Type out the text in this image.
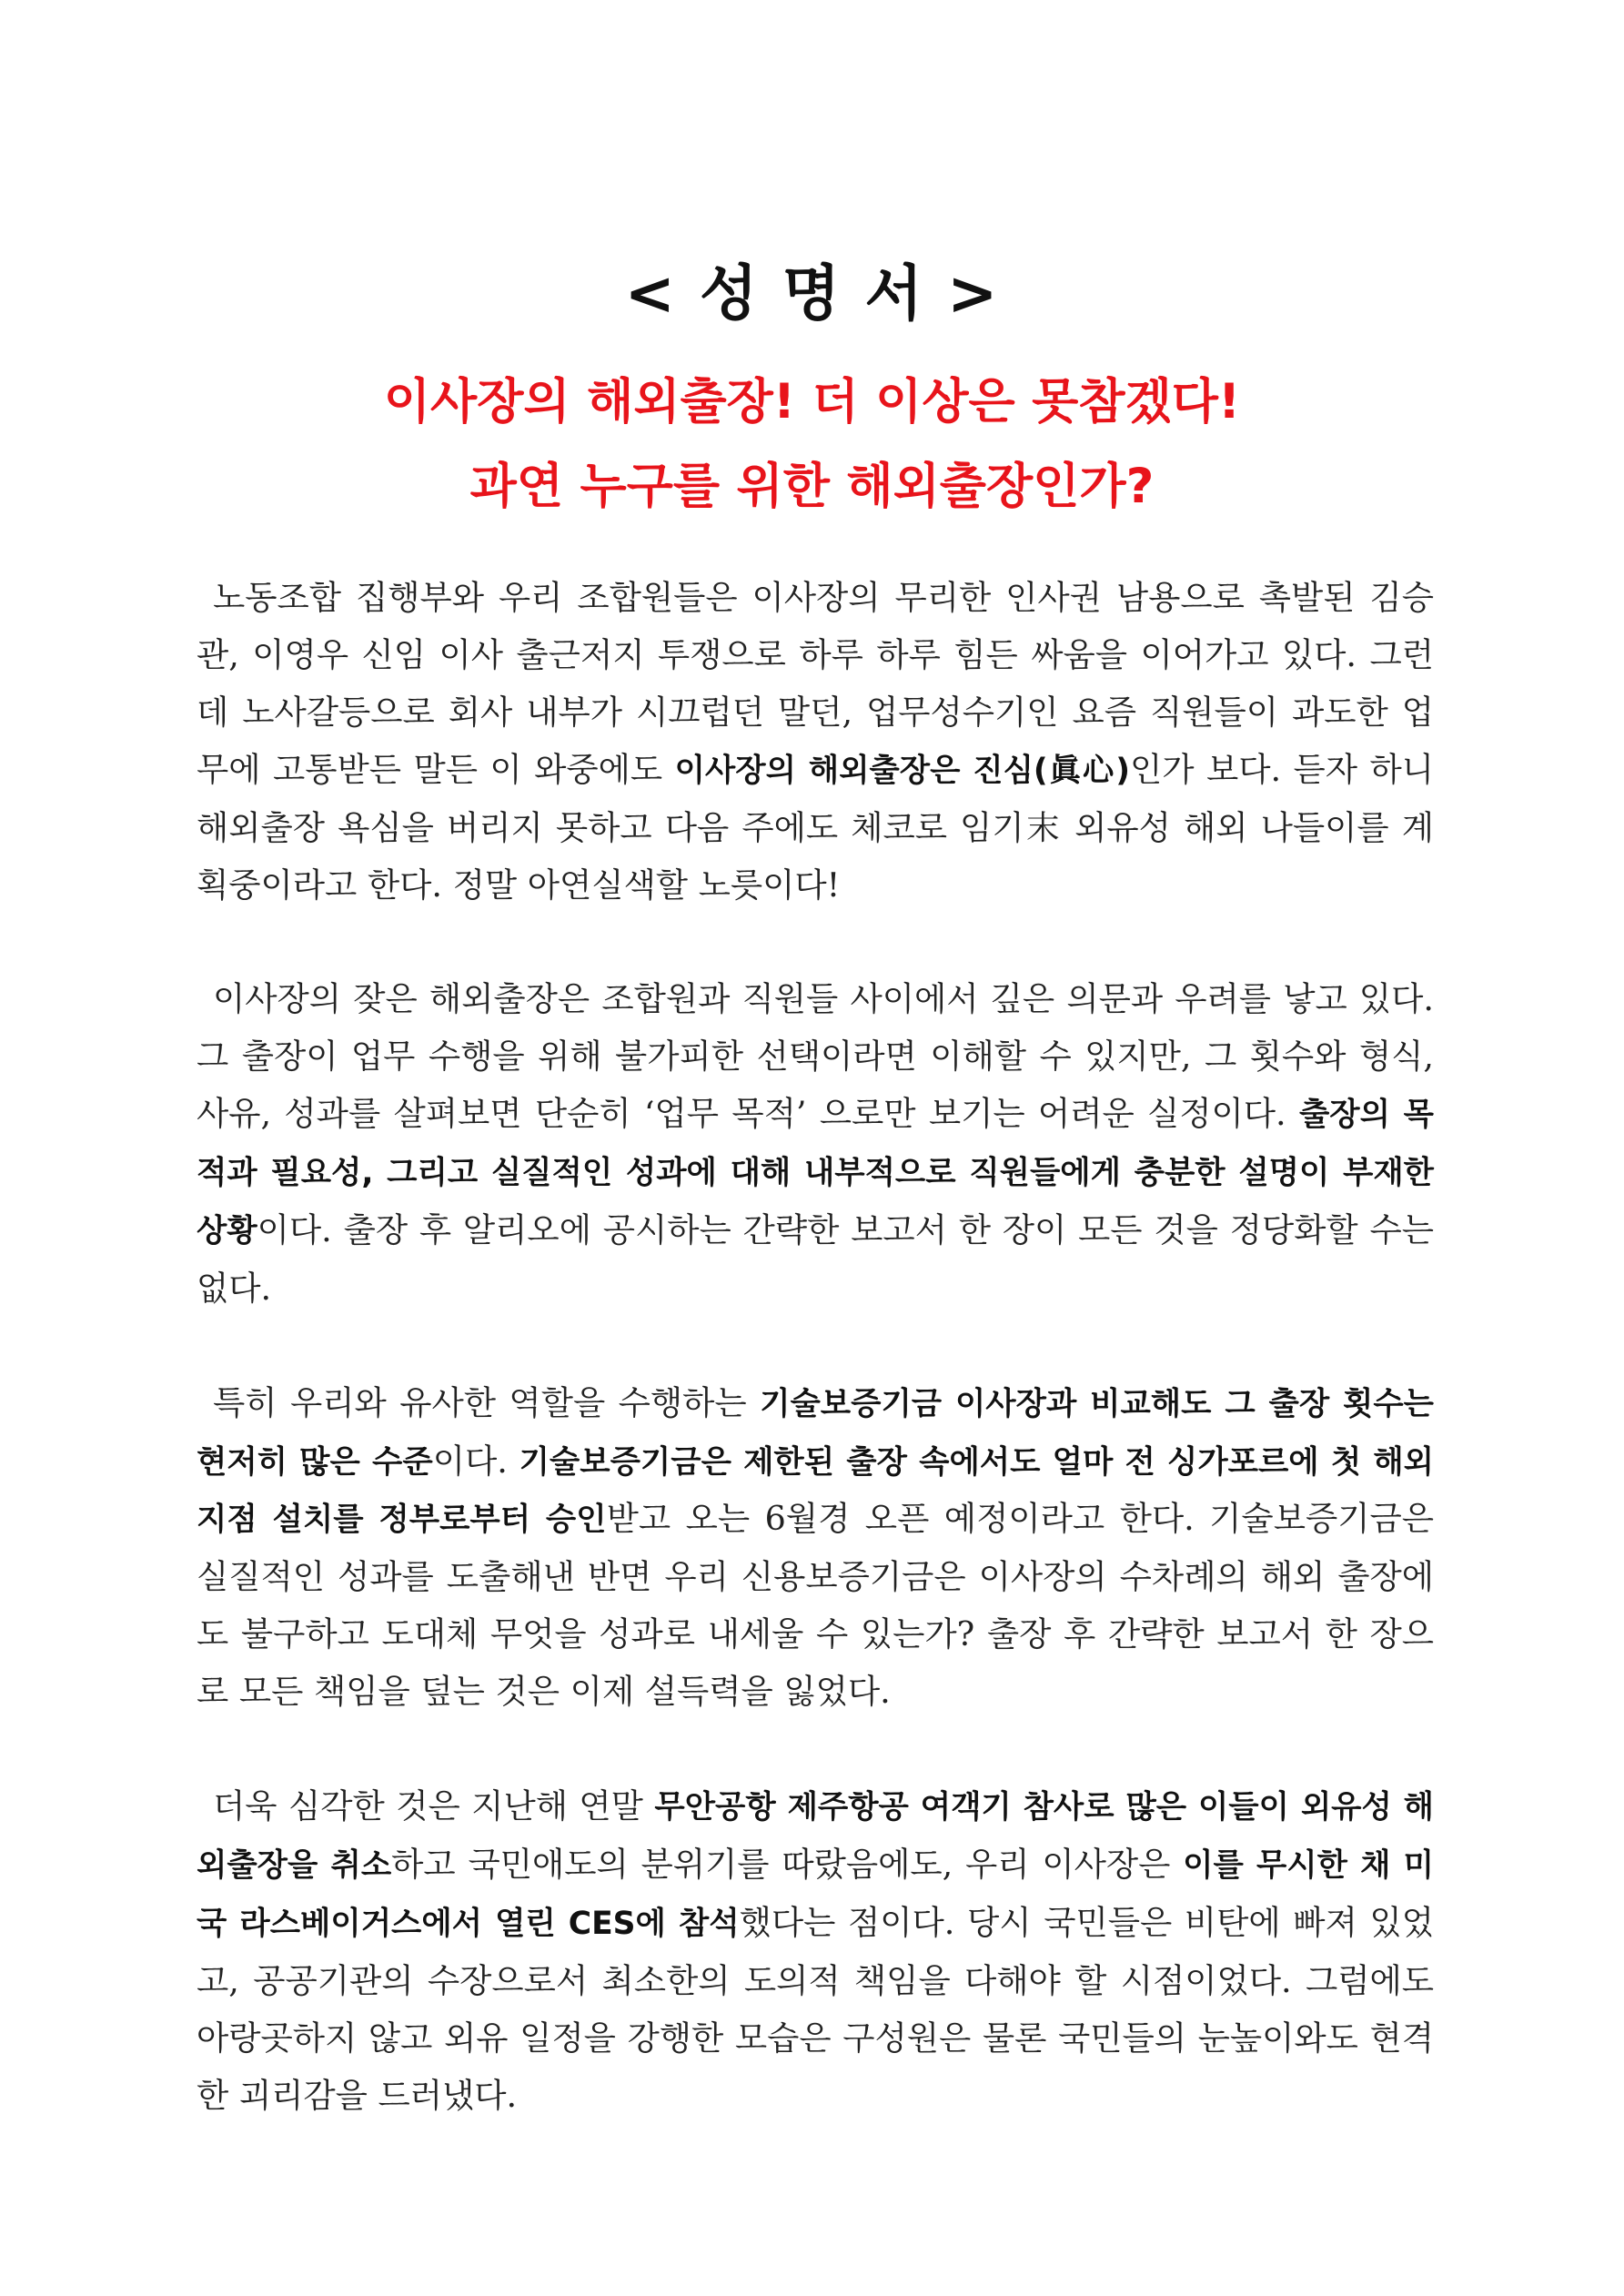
< 성 명 서 >
이사장의 해외출장! 더 이상은 못참겠다!
과연 누구를 위한 해외출장인가?

노동조합 집행부와 우리 조합원들은 이사장의 무리한 인사권 남용으로 촉발된 김승관, 이영우 신임 이사 출근저지 투쟁으로 하루 하루 힘든 싸움을 이어가고 있다. 그런데 노사갈등으로 회사 내부가 시끄럽던 말던, 업무성수기인 요즘 직원들이 과도한 업무에 고통받든 말든 이 와중에도 이사장의 해외출장은 진심(眞心)인가 보다. 듣자 하니 해외출장 욕심을 버리지 못하고 다음 주에도 체코로 임기末 외유성 해외 나들이를 계획중이라고 한다. 정말 아연실색할 노릇이다!

이사장의 잦은 해외출장은 조합원과 직원들 사이에서 깊은 의문과 우려를 낳고 있다. 그 출장이 업무 수행을 위해 불가피한 선택이라면 이해할 수 있지만, 그 횟수와 형식, 사유, 성과를 살펴보면 단순히 ‘업무 목적’ 으로만 보기는 어려운 실정이다. 출장의 목적과 필요성, 그리고 실질적인 성과에 대해 내부적으로 직원들에게 충분한 설명이 부재한 상황이다. 출장 후 알리오에 공시하는 간략한 보고서 한 장이 모든 것을 정당화할 수는 없다.

특히 우리와 유사한 역할을 수행하는 기술보증기금 이사장과 비교해도 그 출장 횟수는 현저히 많은 수준이다. 기술보증기금은 제한된 출장 속에서도 얼마 전 싱가포르에 첫 해외지점 설치를 정부로부터 승인받고 오는 6월경 오픈 예정이라고 한다. 기술보증기금은 실질적인 성과를 도출해낸 반면 우리 신용보증기금은 이사장의 수차례의 해외 출장에도 불구하고 도대체 무엇을 성과로 내세울 수 있는가? 출장 후 간략한 보고서 한 장으로 모든 책임을 덮는 것은 이제 설득력을 잃었다.

더욱 심각한 것은 지난해 연말 무안공항 제주항공 여객기 참사로 많은 이들이 외유성 해외출장을 취소하고 국민애도의 분위기를 따랐음에도, 우리 이사장은 이를 무시한 채 미국 라스베이거스에서 열린 CES에 참석했다는 점이다. 당시 국민들은 비탄에 빠져 있었고, 공공기관의 수장으로서 최소한의 도의적 책임을 다해야 할 시점이었다. 그럼에도 아랑곳하지 않고 외유 일정을 강행한 모습은 구성원은 물론 국민들의 눈높이와도 현격한 괴리감을 드러냈다.
